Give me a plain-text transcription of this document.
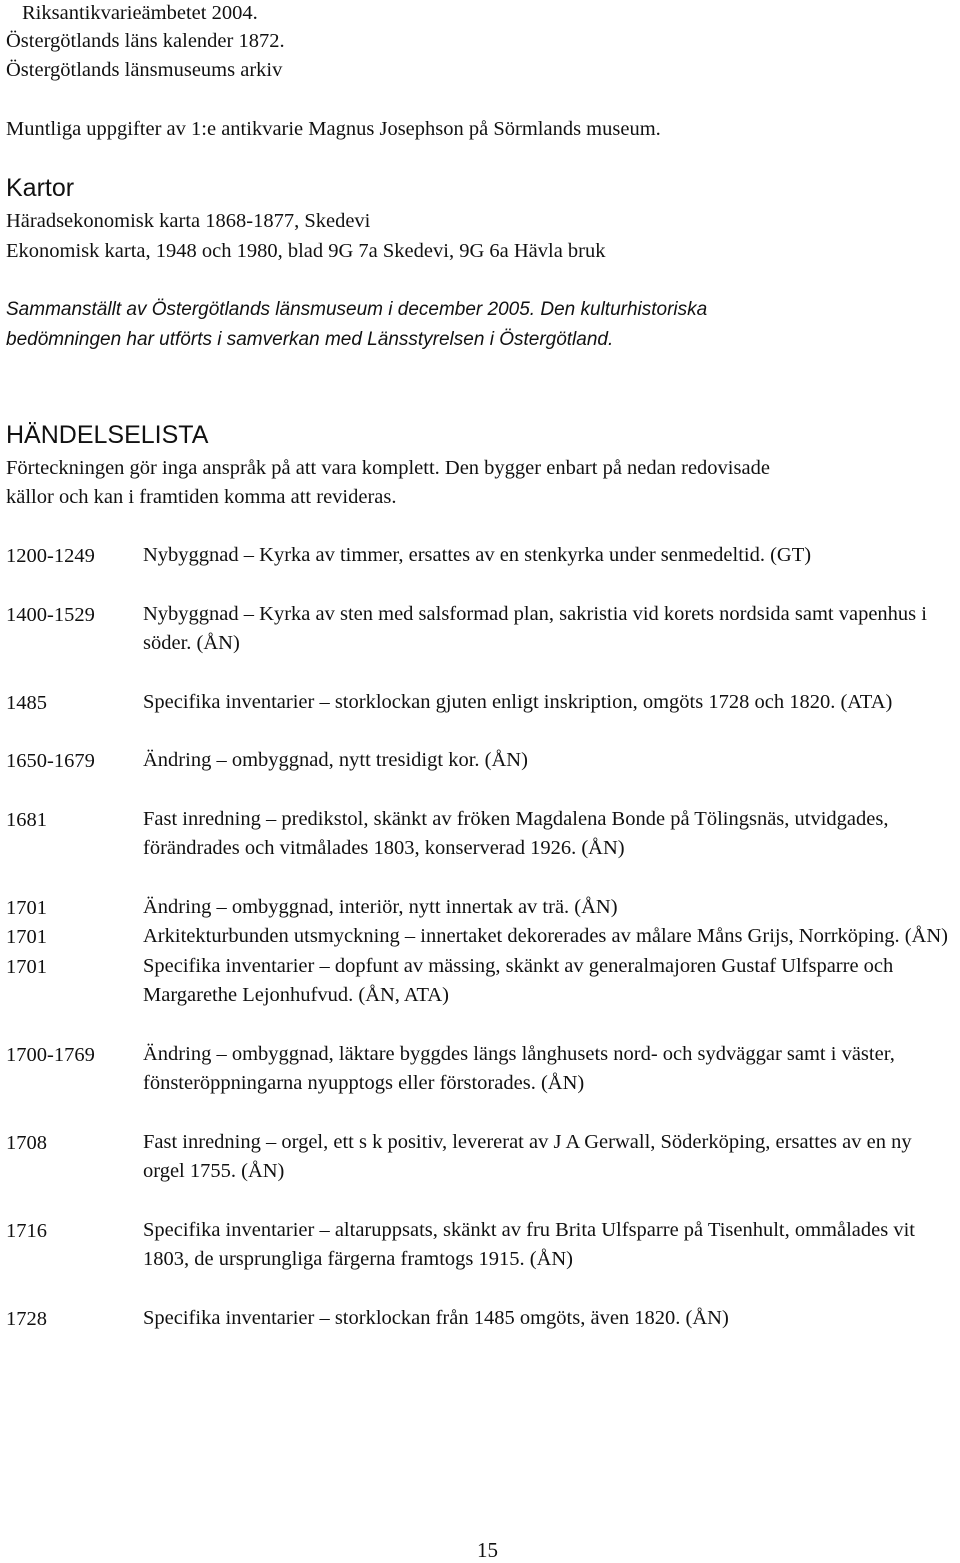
Riksantikvarieämbetet 2004.

Östergötlands läns kalender 1872.

Östergötlands länsmuseums arkiv

Muntliga uppgifter av 1:e antikvarie Magnus Josephson på Sörmlands museum.

Kartor

Häradsekonomisk karta 1868-1877, Skedevi

Ekonomisk karta, 1948 och 1980, blad 9G 7a Skedevi, 9G 6a Hävla bruk

Sammanställt av Östergötlands länsmuseum i december 2005. Den kulturhistoriska

bedömningen har utförts i samverkan med Länsstyrelsen i Östergötland.

HÄNDELSELISTA

Förteckningen gör inga anspråk på att vara komplett. Den bygger enbart på nedan redovisade

källor och kan i framtiden komma att revideras.

1200-1249 Nybyggnad – Kyrka av timmer, ersattes av en stenkyrka under senmedeltid. (GT)
1400-1529 Nybyggnad – Kyrka av sten med salsformad plan, sakristia vid korets nordsida samt vapenhus i söder. (ÅN)
1485	Specifika inventarier – storklockan gjuten enligt inskription, omgöts 1728 och 1820. (ATA)
1650-1679 Ändring – ombyggnad, nytt tresidigt kor. (ÅN)
1681	Fast inredning – predikstol, skänkt av fröken Magdalena Bonde på Tölingsnäs, utvidgades, förändrades och vitmålades 1803, konserverad 1926. (ÅN)
1701	Ändring – ombyggnad, interiör, nytt innertak av trä. (ÅN)
1701	Arkitekturbunden utsmyckning – innertaket dekorerades av målare Måns Grijs, Norrköping. (ÅN)
1701	Specifika inventarier – dopfunt av mässing, skänkt av generalmajoren Gustaf Ulfsparre och Margarethe Lejonhufvud. (ÅN, ATA)
1700-1769 Ändring – ombyggnad, läktare byggdes längs långhusets nord- och sydväggar samt i väster, fönsteröppningarna nyupptogs eller förstorades. (ÅN)
1708	Fast inredning – orgel, ett s k positiv, levererat av J A Gerwall, Söderköping, ersattes av en ny orgel 1755. (ÅN)
1716	Specifika inventarier – altaruppsats, skänkt av fru Brita Ulfsparre på Tisenhult, ommålades vit 1803, de ursprungliga färgerna framtogs 1915. (ÅN)
1728	Specifika inventarier – storklockan från 1485 omgöts, även 1820. (ÅN)

15
